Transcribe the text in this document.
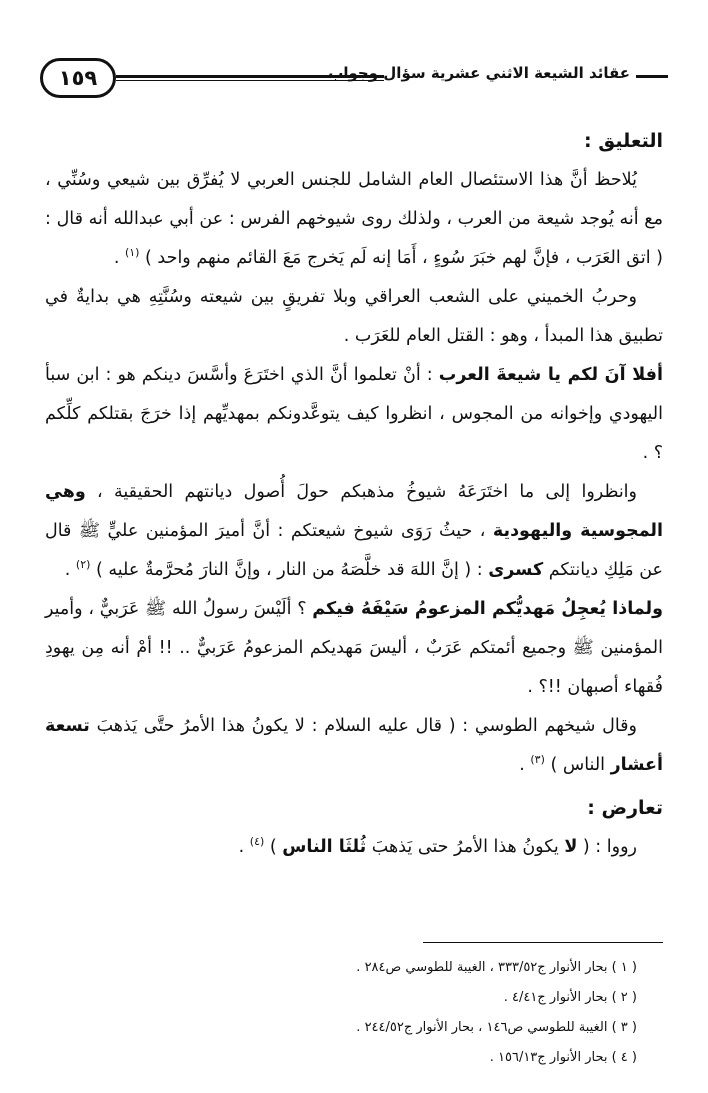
١٥٩	عقائد الشيعة الاثني عشرية سؤال وجواب

التعليق :

يُلاحظ أنَّ هذا الاستئصال العام الشامل للجنس العربي لا يُفرِّق بين شيعي وسُنِّي ، مع أنه يُوجد شيعة من العرب ، ولذلك روى شيوخهم الفرس : عن أبي عبدالله أنه قال : ( اتق العَرَب ، فإنَّ لهم خبَرَ سُوءٍ ، أَمَا إنه لَم يَخرج مَعَ القائم منهم واحد ) $^{(١)}$ .

وحربُ الخميني على الشعب العراقي وبلا تفريقٍ بين شيعته وسُنَّتِهِ هي بدايةٌ في تطبيق هذا المبدأ ، وهو : القتل العام للعَرَب .

أفلا آنَ لكم يا شيعةَ العرب : أنْ تعلموا أنَّ الذي اختَرَعَ وأسَّسَ دينكم هو : ابن سبأ اليهودي وإخوانه من المجوس ، انظروا كيف يتوعَّدونكم بمهديِّهم إذا خرَجَ بقتلكم كلِّكم ؟ .

وانظروا إلى ما اختَرَعَهُ شيوخُ مذهبكم حولَ أُصول ديانتهم الحقيقية ، وهي المجوسية واليهودية ، حيثُ رَوَى شيوخ شيعتكم : أنَّ أميرَ المؤمنين عليٍّ ﷺ قال عن مَلِكِ ديانتكم كسرى : ( إنَّ اللهَ قد خلَّصَهُ من النار ، وإنَّ النارَ مُحرَّمةٌ عليه ) $^{(٢)}$ .

ولماذا يُعجِلُ مَهديُّكم المزعومُ سَيْفَهُ فيكم ؟ ألَيْسَ رسولُ الله ﷺ عَرَبيٌّ ، وأمير المؤمنين ﷺ وجميع أئمتكم عَرَبٌ ، أليسَ مَهديكم المزعومُ عَرَبيٌّ .. !! أمْ أنه مِن يهودِ فُقهاء أصبهان !!؟ .

وقال شيخهم الطوسي : ( قال عليه السلام : لا يكونُ هذا الأمرُ حتَّى يَذهبَ تسعة أعشار الناس ) $^{(٣)}$ .

تعارض :

رووا : ( لا يكونُ هذا الأمرُ حتى يَذهبَ ثُلثَا الناس ) $^{(٤)}$ .

( ١ ) بحار الأنوار ج٣٣٣/٥٢ ، الغيبة للطوسي ص٢٨٤ .

( ٢ ) بحار الأنوار ج٤/٤١ .

( ٣ ) الغيبة للطوسي ص١٤٦ ، بحار الأنوار ج٢٤٤/٥٢ .

( ٤ ) بحار الأنوار ج١٥٦/١٣ .
